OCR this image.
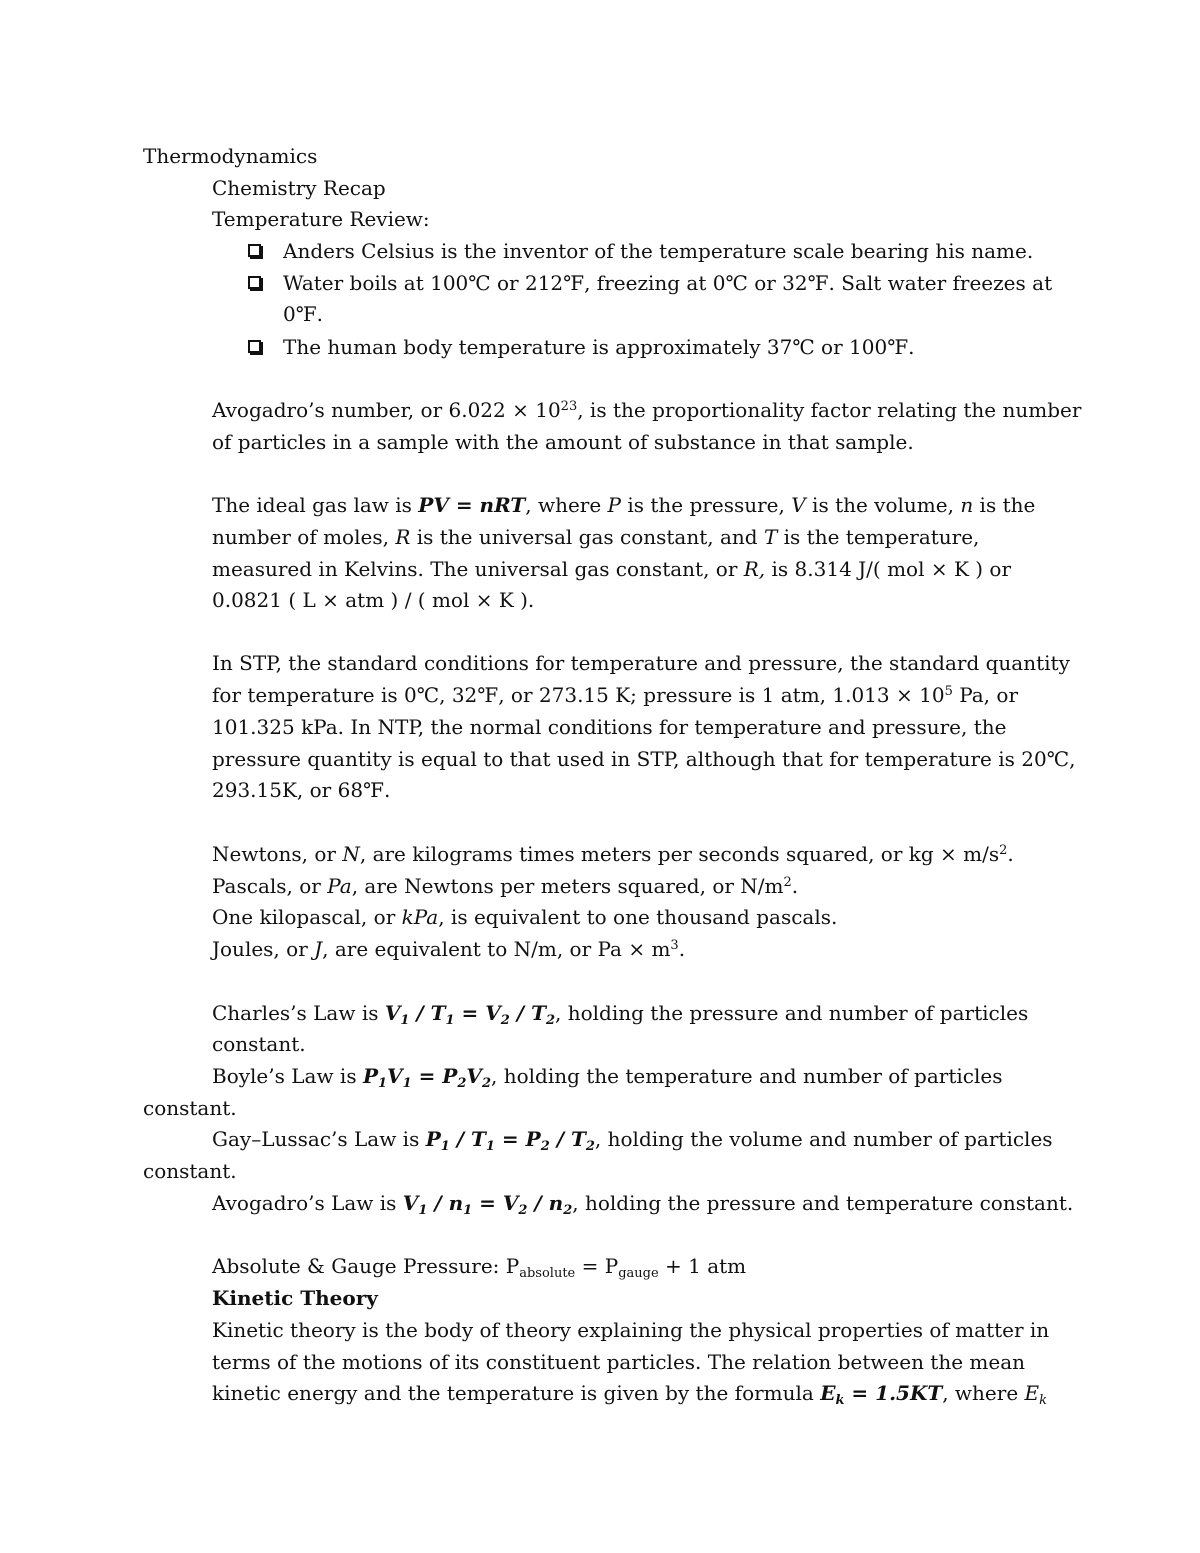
Thermodynamics
Chemistry Recap
Temperature Review:
Anders Celsius is the inventor of the temperature scale bearing his name.
Water boils at 100℃ or 212℉, freezing at 0℃ or 32℉. Salt water freezes at
0℉.
The human body temperature is approximately 37℃ or 100℉.
Avogadro’s number, or $6.022 \times 10^{23}$, is the proportionality factor relating the number
of particles in a sample with the amount of substance in that sample.
The ideal gas law is PV = nRT, where P is the pressure, V is the volume, n is the
number of moles, R is the universal gas constant, and T is the temperature,
measured in Kelvins. The universal gas constant, or R, is 8.314 J/( mol × K ) or
0.0821 ( L × atm ) / ( mol × K ).
In STP, the standard conditions for temperature and pressure, the standard quantity
for temperature is 0℃, 32℉, or 273.15 K; pressure is 1 atm, $1.013 \times 10^5$ Pa, or
101.325 kPa. In NTP, the normal conditions for temperature and pressure, the
pressure quantity is equal to that used in STP, although that for temperature is 20℃,
293.15K, or 68℉.
Newtons, or N, are kilograms times meters per seconds squared, or kg × $m/s^2$.
Pascals, or Pa, are Newtons per meters squared, or $N/m^2$.
One kilopascal, or kPa, is equivalent to one thousand pascals.
Joules, or J, are equivalent to N/m, or $Pa \times m^3$.
Charles’s Law is $V_1 / T_1 = V_2 / T_2$, holding the pressure and number of particles
constant.
Boyle’s Law is $P_1V_1 = P_2V_2$, holding the temperature and number of particles
constant.
Gay–Lussac’s Law is $P_1 / T_1 = P_2 / T_2$, holding the volume and number of particles
constant.
Avogadro’s Law is $V_1 / n_1 = V_2 / n_2$, holding the pressure and temperature constant.
Absolute & Gauge Pressure: $P_{absolute} = P_{gauge} + 1$ atm
Kinetic Theory
Kinetic theory is the body of theory explaining the physical properties of matter in
terms of the motions of its constituent particles. The relation between the mean
kinetic energy and the temperature is given by the formula $E_k = 1.5KT$, where $E_k$
